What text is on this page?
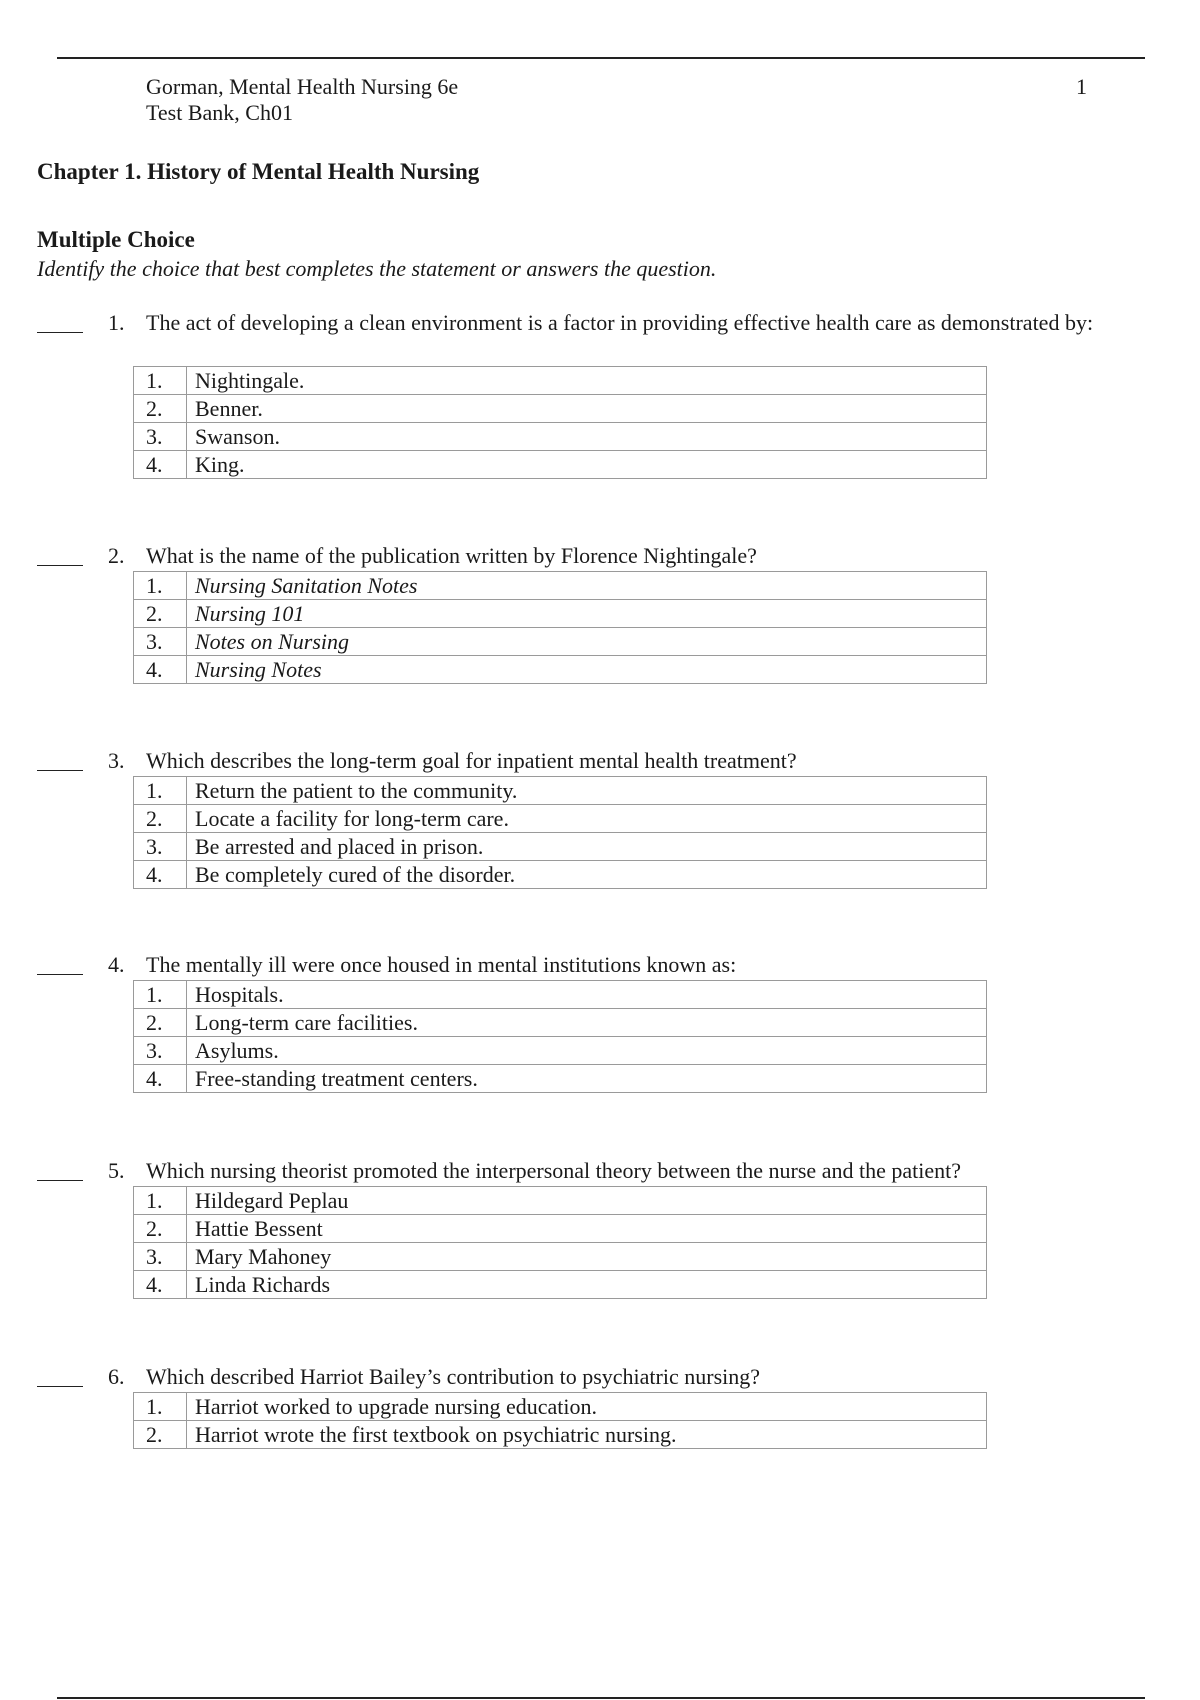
Gorman, Mental Health Nursing 6e
Test Bank, Ch01
1
Chapter 1. History of Mental Health Nursing
Multiple Choice
Identify the choice that best completes the statement or answers the question.
1. The act of developing a clean environment is a factor in providing effective health care as demonstrated by:
1.	Nightingale.
2.	Benner.
3.	Swanson.
4.	King.
2. What is the name of the publication written by Florence Nightingale?
1.	Nursing Sanitation Notes
2.	Nursing 101
3.	Notes on Nursing
4.	Nursing Notes
3. Which describes the long-term goal for inpatient mental health treatment?
1.	Return the patient to the community.
2.	Locate a facility for long-term care.
3.	Be arrested and placed in prison.
4.	Be completely cured of the disorder.
4. The mentally ill were once housed in mental institutions known as:
1.	Hospitals.
2.	Long-term care facilities.
3.	Asylums.
4.	Free-standing treatment centers.
5. Which nursing theorist promoted the interpersonal theory between the nurse and the patient?
1.	Hildegard Peplau
2.	Hattie Bessent
3.	Mary Mahoney
4.	Linda Richards
6. Which described Harriot Bailey’s contribution to psychiatric nursing?
1.	Harriot worked to upgrade nursing education.
2.	Harriot wrote the first textbook on psychiatric nursing.
